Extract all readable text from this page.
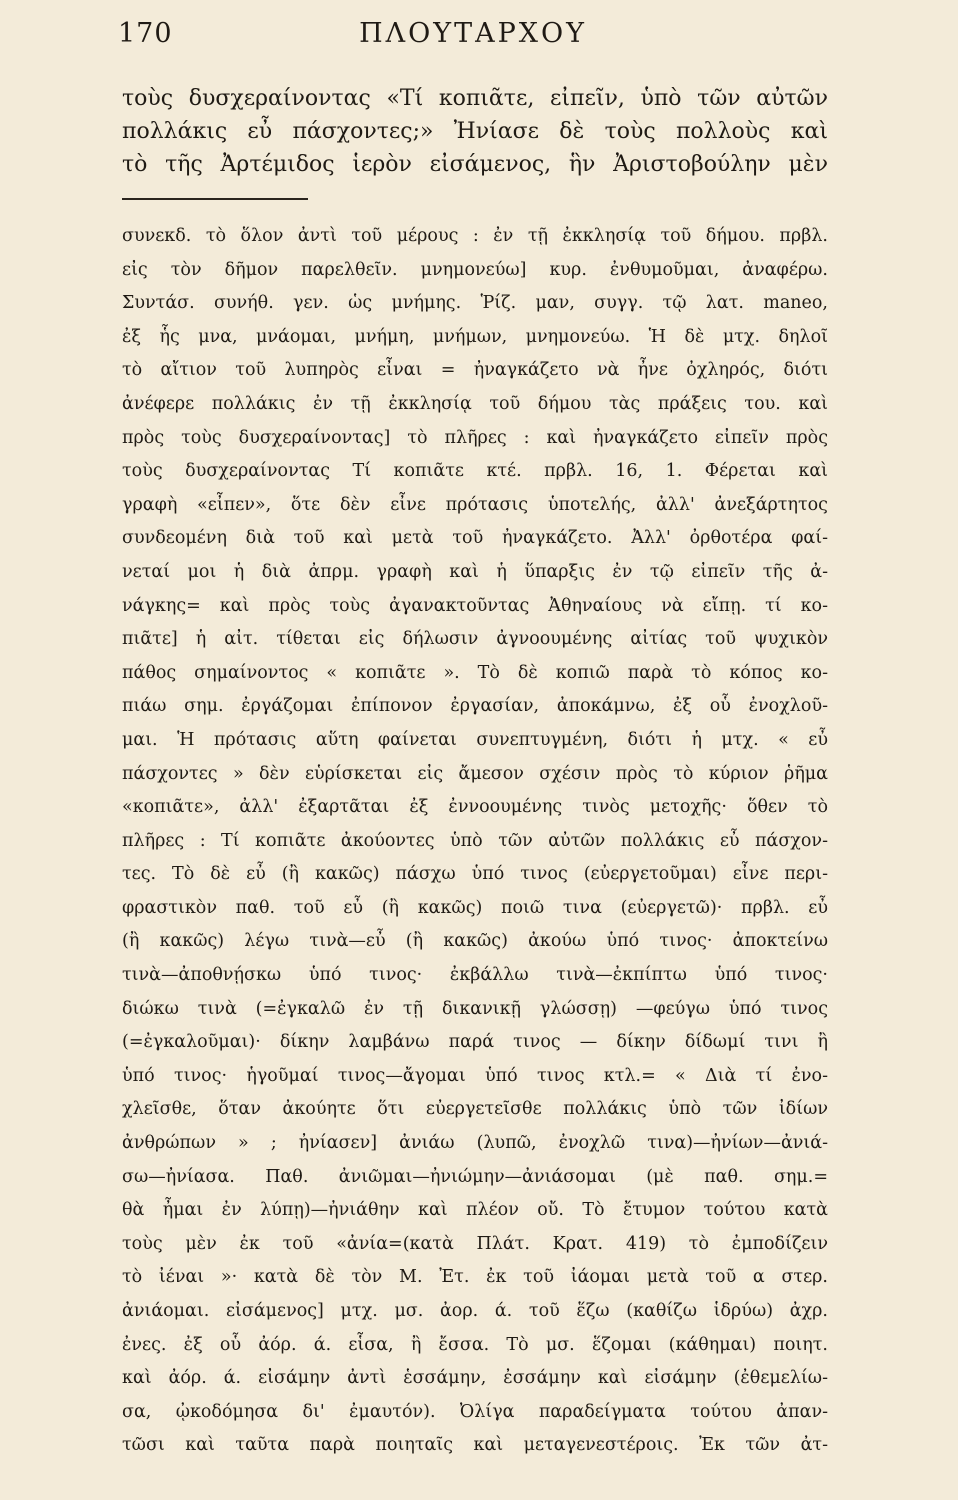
170	ΠΛΟΥΤΑΡΧΟΥ
τοὺς δυσχεραίνοντας «Τί κοπιᾶτε, εἰπεῖν, ὑπὸ τῶν αὐτῶν
πολλάκις εὖ πάσχοντες;» Ἠνίασε δὲ τοὺς πολλοὺς καὶ
τὸ τῆς Ἀρτέμιδος ἱερὸν εἰσάμενος, ἣν Ἀριστοβούλην μὲν
συνεκδ. τὸ ὅλον ἀντὶ τοῦ μέρους : ἐν τῇ ἐκκλησίᾳ τοῦ δήμου. πρβλ.
εἰς τὸν δῆμον παρελθεῖν. μνημονεύω] κυρ. ἐνθυμοῦμαι, ἀναφέρω.
Συντάσ. συνήθ. γεν. ὡς μνήμης. Ῥίζ. μαν, συγγ. τῷ λατ. maneo,
ἐξ ἧς μνα, μνάομαι, μνήμη, μνήμων, μνημονεύω. Ἡ δὲ μτχ. δηλοῖ
τὸ αἴτιον τοῦ λυπηρὸς εἶναι = ἠναγκάζετο νὰ ἦνε ὀχληρός, διότι
ἀνέφερε πολλάκις ἐν τῇ ἐκκλησίᾳ τοῦ δήμου τὰς πράξεις του. καὶ
πρὸς τοὺς δυσχεραίνοντας] τὸ πλῆρες : καὶ ἠναγκάζετο εἰπεῖν πρὸς
τοὺς δυσχεραίνοντας Τί κοπιᾶτε κτέ. πρβλ. 16, 1. Φέρεται καὶ
γραφὴ «εἶπεν», ὅτε δὲν εἶνε πρότασις ὑποτελής, ἀλλ' ἀνεξάρτητος
συνδεομένη διὰ τοῦ καὶ μετὰ τοῦ ἠναγκάζετο. Ἀλλ' ὀρθοτέρα φαί-
νεταί μοι ἡ διὰ ἀπρμ. γραφὴ καὶ ἡ ὕπαρξις ἐν τῷ εἰπεῖν τῆς ἀ-
νάγκης= καὶ πρὸς τοὺς ἀγανακτοῦντας Ἀθηναίους νὰ εἴπῃ. τί κο-
πιᾶτε] ἡ αἰτ. τίθεται εἰς δήλωσιν ἀγνοουμένης αἰτίας τοῦ ψυχικὸν
πάθος σημαίνοντος « κοπιᾶτε ». Τὸ δὲ κοπιῶ παρὰ τὸ κόπος κο-
πιάω σημ. ἐργάζομαι ἐπίπονον ἐργασίαν, ἀποκάμνω, ἐξ οὗ ἐνοχλοῦ-
μαι. Ἡ πρότασις αὕτη φαίνεται συνεπτυγμένη, διότι ἡ μτχ. « εὖ
πάσχοντες » δὲν εὑρίσκεται εἰς ἄμεσον σχέσιν πρὸς τὸ κύριον ῥῆμα
«κοπιᾶτε», ἀλλ' ἐξαρτᾶται ἐξ ἐννοουμένης τινὸς μετοχῆς· ὅθεν τὸ
πλῆρες : Τί κοπιᾶτε ἀκούοντες ὑπὸ τῶν αὐτῶν πολλάκις εὖ πάσχον-
τες. Τὸ δὲ εὖ (ἢ κακῶς) πάσχω ὑπό τινος (εὐεργετοῦμαι) εἶνε περι-
φραστικὸν παθ. τοῦ εὖ (ἢ κακῶς) ποιῶ τινα (εὐεργετῶ)· πρβλ. εὖ
(ἢ κακῶς) λέγω τινὰ—εὖ (ἢ κακῶς) ἀκούω ὑπό τινος· ἀποκτείνω
τινὰ—ἀποθνῄσκω ὑπό τινος· ἐκβάλλω τινὰ—ἐκπίπτω ὑπό τινος·
διώκω τινὰ (=ἐγκαλῶ ἐν τῇ δικανικῇ γλώσσῃ) —φεύγω ὑπό τινος
(=ἐγκαλοῦμαι)· δίκην λαμβάνω παρά τινος — δίκην δίδωμί τινι ἢ
ὑπό τινος· ἡγοῦμαί τινος—ἄγομαι ὑπό τινος κτλ.= « Διὰ τί ἐνο-
χλεῖσθε, ὅταν ἀκούητε ὅτι εὐεργετεῖσθε πολλάκις ὑπὸ τῶν ἰδίων
ἀνθρώπων » ; ἠνίασεν] ἀνιάω (λυπῶ, ἐνοχλῶ τινα)—ἠνίων—ἀνιά-
σω—ἠνίασα. Παθ. ἀνιῶμαι—ἠνιώμην—ἀνιάσομαι (μὲ παθ. σημ.=
θὰ ἦμαι ἐν λύπῃ)—ἠνιάθην καὶ πλέον οὔ. Τὸ ἔτυμον τούτου κατὰ
τοὺς μὲν ἐκ τοῦ «ἀνία=(κατὰ Πλάτ. Κρατ. 419) τὸ ἐμποδίζειν
τὸ ἰέναι »· κατὰ δὲ τὸν Μ. Ἐτ. ἐκ τοῦ ἰάομαι μετὰ τοῦ α στερ.
ἀνιάομαι. εἰσάμενος] μτχ. μσ. ἀορ. ά. τοῦ ἕζω (καθίζω ἱδρύω) ἀχρ.
ἐνες. ἐξ οὗ ἀόρ. ά. εἷσα, ἢ ἔσσα. Τὸ μσ. ἕζομαι (κάθημαι) ποιητ.
καὶ ἀόρ. ά. εἰσάμην ἀντὶ ἑσσάμην, ἐσσάμην καὶ εἰσάμην (ἐθεμελίω-
σα, ᾠκοδόμησα δι' ἐμαυτόν). Ὀλίγα παραδείγματα τούτου ἀπαν-
τῶσι καὶ ταῦτα παρὰ ποιηταῖς καὶ μεταγενεστέροις. Ἐκ τῶν ἀτ-
